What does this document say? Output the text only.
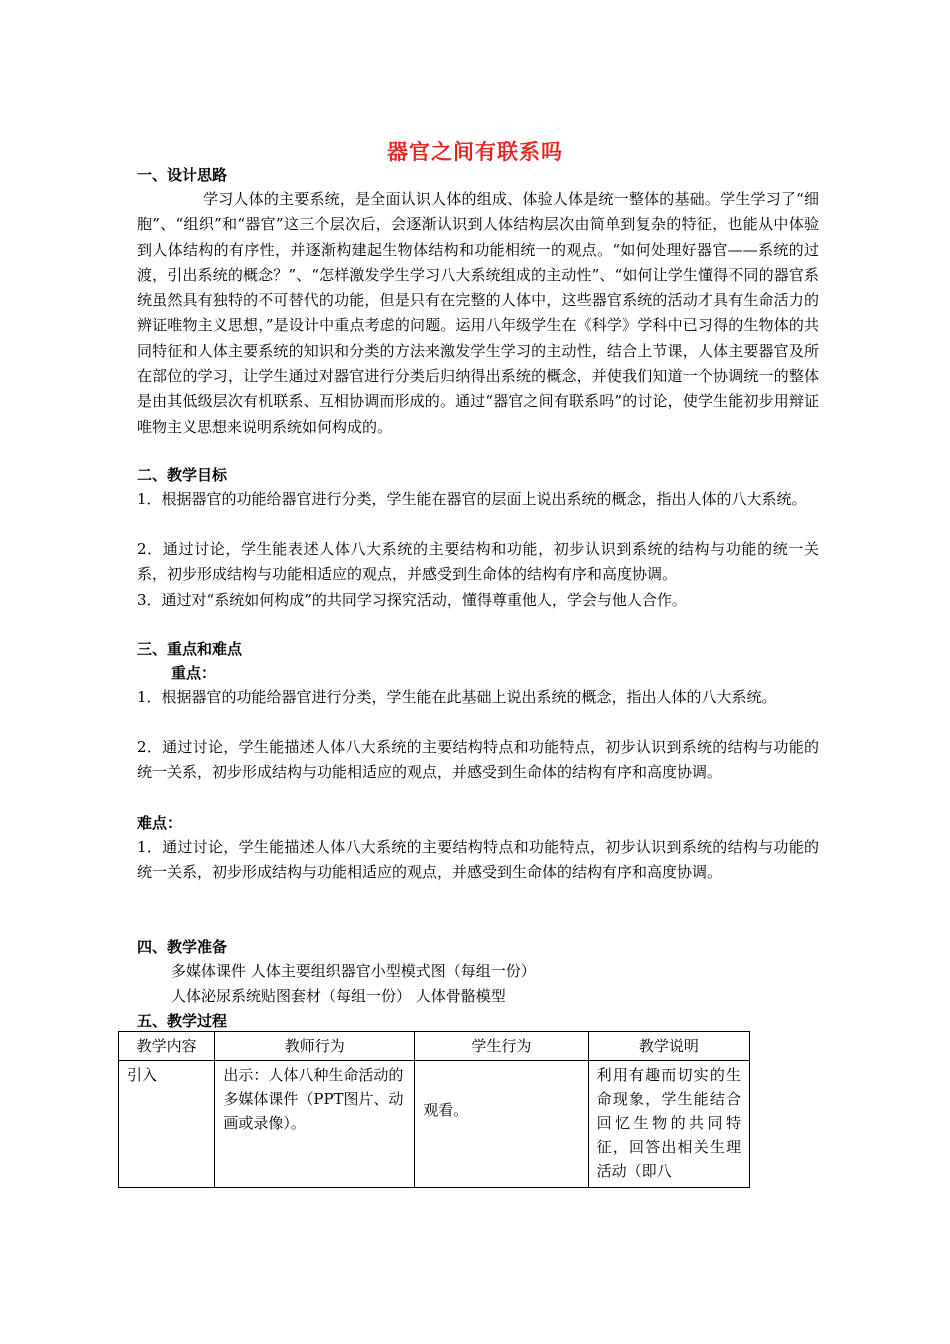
器官之间有联系吗
一、设计思路
学习人体的主要系统，是全面认识人体的组成、体验人体是统一整体的基础。学生学习了“细胞”、“组织”和“器官”这三个层次后，会逐渐认识到人体结构层次由简单到复杂的特征，也能从中体验到人体结构的有序性，并逐渐构建起生物体结构和功能相统一的观点。“如何处理好器官——系统的过渡，引出系统的概念？”、“怎样激发学生学习八大系统组成的主动性”、“如何让学生懂得不同的器官系统虽然具有独特的不可替代的功能，但是只有在完整的人体中，这些器官系统的活动才具有生命活力的辨证唯物主义思想，”是设计中重点考虑的问题。运用八年级学生在《科学》学科中已习得的生物体的共同特征和人体主要系统的知识和分类的方法来激发学生学习的主动性，结合上节课，人体主要器官及所在部位的学习，让学生通过对器官进行分类后归纳得出系统的概念，并使我们知道一个协调统一的整体是由其低级层次有机联系、互相协调而形成的。通过“器官之间有联系吗”的讨论，使学生能初步用辩证唯物主义思想来说明系统如何构成的。
二、教学目标
1．根据器官的功能给器官进行分类，学生能在器官的层面上说出系统的概念，指出人体的八大系统。
2．通过讨论，学生能表述人体八大系统的主要结构和功能，初步认识到系统的结构与功能的统一关系，初步形成结构与功能相适应的观点，并感受到生命体的结构有序和高度协调。
3．通过对“系统如何构成”的共同学习探究活动，懂得尊重他人，学会与他人合作。
三、重点和难点
重点：
1．根据器官的功能给器官进行分类，学生能在此基础上说出系统的概念，指出人体的八大系统。
2．通过讨论，学生能描述人体八大系统的主要结构特点和功能特点，初步认识到系统的结构与功能的统一关系，初步形成结构与功能相适应的观点，并感受到生命体的结构有序和高度协调。
难点：
1．通过讨论，学生能描述人体八大系统的主要结构特点和功能特点，初步认识到系统的结构与功能的统一关系，初步形成结构与功能相适应的观点，并感受到生命体的结构有序和高度协调。
四、教学准备
多媒体课件 人体主要组织器官小型模式图（每组一份）
人体泌尿系统贴图套材（每组一份） 人体骨骼模型
五、教学过程
教学内容	教师行为	学生行为	教学说明
引入	出示：人体八种生命活动的多媒体课件（PPT图片、动画或录像）。	观看。	利用有趣而切实的生命现象，学生能结合回忆生物的共同特征，回答出相关生理活动（即八
